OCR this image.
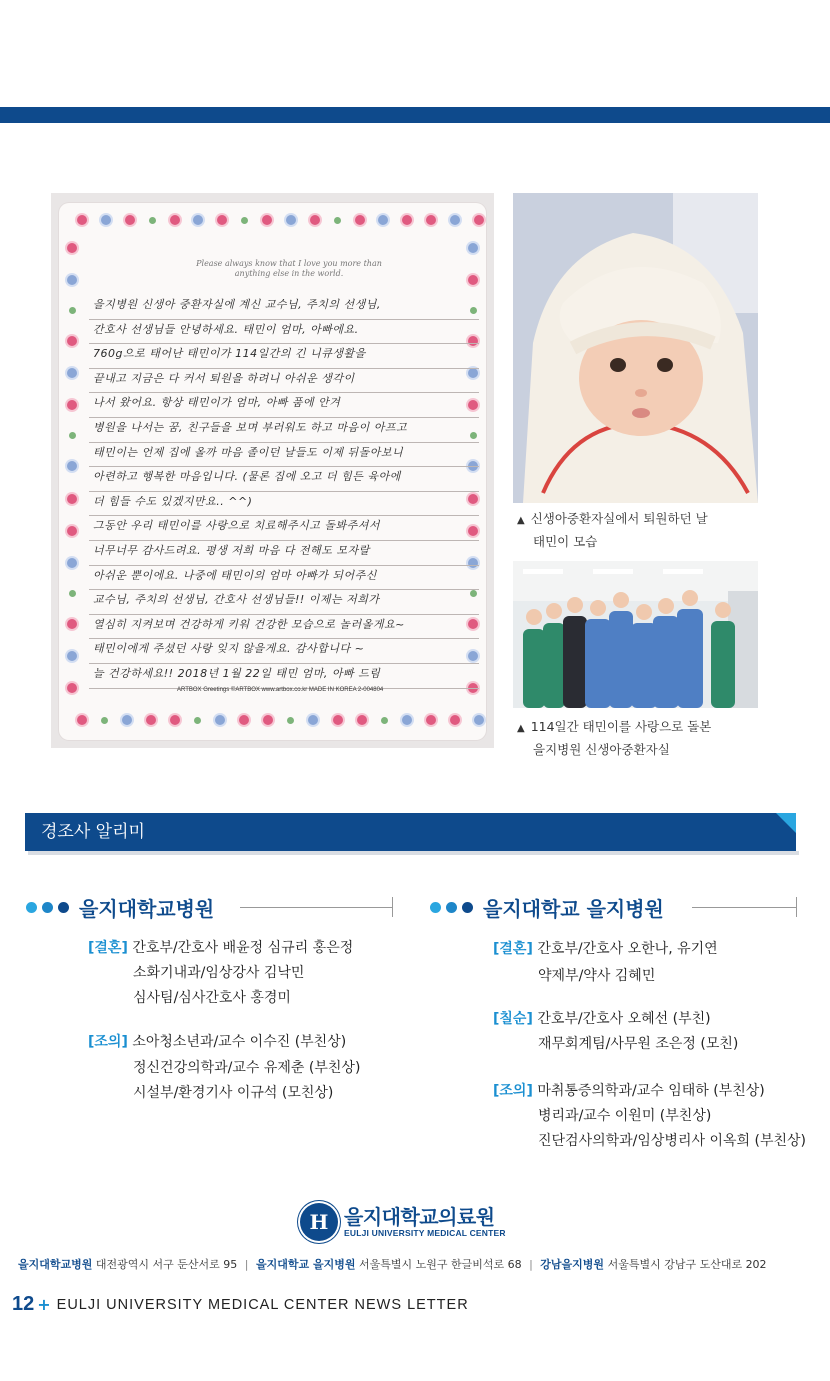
Please always know that I love you more than anything else in the world.
을지병원 신생아 중환자실에 계신 교수님, 주치의 선생님,
간호사 선생님들 안녕하세요. 태민이 엄마, 아빠에요.
760g으로 태어난 태민이가 114일간의 긴 니큐생활을
끝내고 지금은 다 커서 퇴원을 하려니 아쉬운 생각이
나서 왔어요. 항상 태민이가 엄마, 아빠 품에 안겨
병원을 나서는 꿈, 친구들을 보며 부러워도 하고 마음이 아프고
태민이는 언제 집에 올까 마음 졸이던 날들도 이제 뒤돌아보니
아련하고 행복한 마음입니다. (물론 집에 오고 더 힘든 육아에
더 힘들 수도 있겠지만요.. ^^)
그동안 우리 태민이를 사랑으로 치료해주시고 돌봐주셔서
너무너무 감사드려요. 평생 저희 마음 다 전해도 모자랄
아쉬운 뿐이에요. 나중에 태민이의 엄마 아빠가 되어주신
교수님, 주치의 선생님, 간호사 선생님들!! 이제는 저희가
열심히 지켜보며 건강하게 키워 건강한 모습으로 놀러올게요~
태민이에게 주셨던 사랑 잊지 않을게요. 감사합니다 ~
늘 건강하세요!! 2018년 1월 22일 태민 엄마, 아빠 드림
ARTBOX Greetings ©ARTBOX www.artbox.co.kr MADE IN KOREA 2-004804
▲ 신생아중환자실에서 퇴원하던 날
태민이 모습
▲ 114일간 태민이를 사랑으로 돌본
을지병원 신생아중환자실
경조사 알리미
을지대학교병원
[결혼] 간호부/간호사 배윤정 심규리 홍은정
소화기내과/임상강사 김낙민
심사팀/심사간호사 홍경미
[조의] 소아청소년과/교수 이수진 (부친상)
정신건강의학과/교수 유제춘 (부친상)
시설부/환경기사 이규석 (모친상)
을지대학교 을지병원
[결혼] 간호부/간호사 오한나, 유기연
약제부/약사 김혜민
[칠순] 간호부/간호사 오혜선 (부친)
재무회계팀/사무원 조은정 (모친)
[조의] 마취통증의학과/교수 임태하 (부친상)
병리과/교수 이원미 (부친상)
진단검사의학과/임상병리사 이옥희 (부친상)
H 을지대학교의료원
EULJI UNIVERSITY MEDICAL CENTER
을지대학교병원 대전광역시 서구 둔산서로 95 | 을지대학교 을지병원 서울특별시 노원구 한글비석로 68 | 강남을지병원 서울특별시 강남구 도산대로 202
12 + EULJI UNIVERSITY MEDICAL CENTER NEWS LETTER
